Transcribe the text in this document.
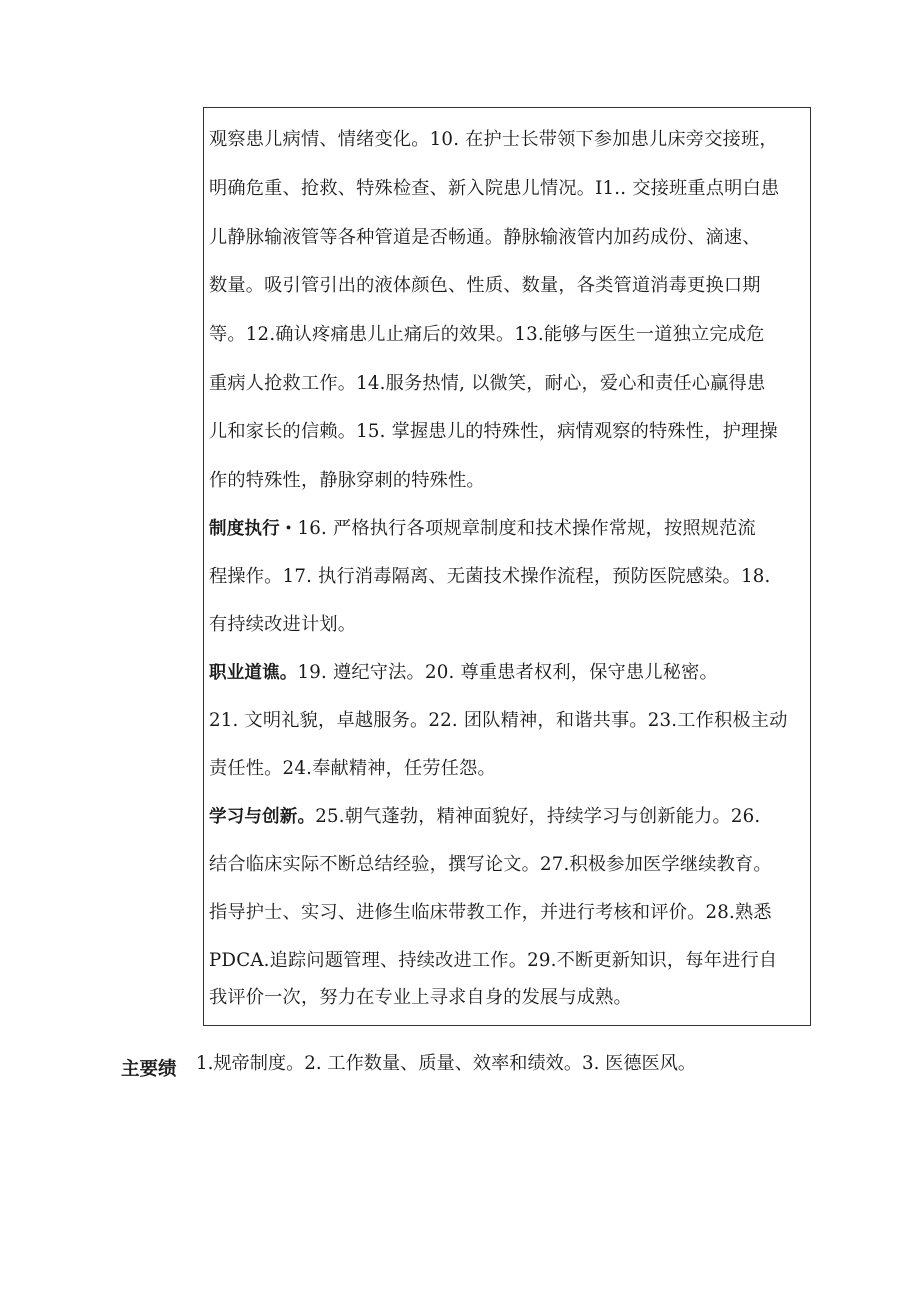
观察患儿病情、情绪变化。10. 在护士长带领下参加患儿床旁交接班，
明确危重、抢救、特殊检查、新入院患儿情况。I1.. 交接班重点明白患
儿静脉输液管等各种管道是否畅通。静脉输液管内加药成份、滴速、
数量。吸引管引出的液体颜色、性质、数量，各类管道消毒更换口期
等。12.确认疼痛患儿止痛后的效果。13.能够与医生一道独立完成危
重病人抢救工作。14.服务热情, 以微笑，耐心，爱心和责任心赢得患
儿和家长的信赖。15. 掌握患儿的特殊性，病情观察的特殊性，护理操
作的特殊性，静脉穿刺的特殊性。
制度执行・16. 严格执行各项规章制度和技术操作常规，按照规范流
程操作。17. 执行消毒隔离、无菌技术操作流程，预防医院感染。18.
有持续改进计划。
职业道谯。19. 遵纪守法。20. 尊重患者权利，保守患儿秘密。
21. 文明礼貌，卓越服务。22. 团队精神，和谐共事。23.工作积极主动
责任性。24.奉献精神，任劳任怨。
学习与创新。25.朝气蓬勃，精神面貌好，持续学习与创新能力。26.
结合临床实际不断总结经验，撰写论文。27.积极参加医学继续教育。
指导护士、实习、进修生临床带教工作，并进行考核和评价。28.熟悉
PDCA.追踪问题管理、持续改进工作。29.不断更新知识，每年进行自
我评价一次，努力在专业上寻求自身的发展与成熟。
主要绩 1.规帝制度。2. 工作数量、质量、效率和绩效。3. 医德医风。
